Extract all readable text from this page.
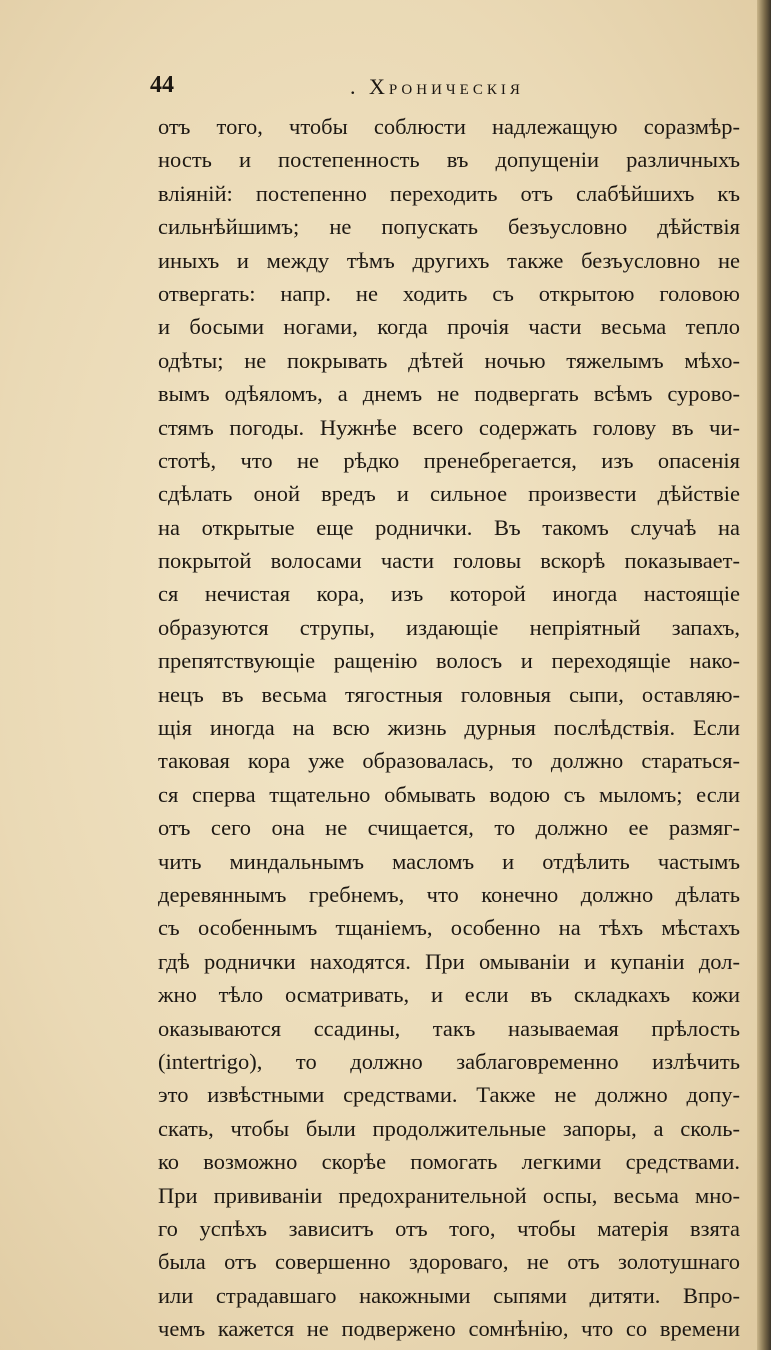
44	. Хроническія
отъ того, чтобы соблюсти надлежащую соразмѣр-
ность и постепенность въ допущеніи различныхъ
вліяній: постепенно переходить отъ слабѣйшихъ къ
сильнѣйшимъ; не попускать безъусловно дѣйствія
иныхъ и между тѣмъ другихъ также безъусловно не
отвергать: напр. не ходить съ открытою головою
и босыми ногами, когда прочія части весьма тепло
одѣты; не покрывать дѣтей ночью тяжелымъ мѣхо-
вымъ одѣяломъ, а днемъ не подвергать всѣмъ сурово-
стямъ погоды. Нужнѣе всего содержать голову въ чи-
стотѣ, что не рѣдко пренебрегается, изъ опасенія
сдѣлать оной вредъ и сильное произвести дѣйствіе
на открытые еще роднички. Въ такомъ случаѣ на
покрытой волосами части головы вскорѣ показывает-
ся нечистая кора, изъ которой иногда настоящіе
образуются струпы, издающіе непріятный запахъ,
препятствующіе ращенію волосъ и переходящіе нако-
нецъ въ весьма тягостныя головныя сыпи, оставляю-
щія иногда на всю жизнь дурныя послѣдствія. Если
таковая кора уже образовалась, то должно стараться-
ся сперва тщательно обмывать водою съ мыломъ; если
отъ сего она не счищается, то должно ее размяг-
чить миндальнымъ масломъ и отдѣлить частымъ
деревяннымъ гребнемъ, что конечно должно дѣлать
съ особеннымъ тщаніемъ, особенно на тѣхъ мѣстахъ
гдѣ роднички находятся. При омываніи и купаніи дол-
жно тѣло осматривать, и если въ складкахъ кожи
оказываются ссадины, такъ называемая прѣлость
(intertrigo), то должно заблаговременно излѣчить
это извѣстными средствами. Также не должно допу-
скать, чтобы были продолжительные запоры, а сколь-
ко возможно скорѣе помогать легкими средствами.
При прививаніи предохранительной оспы, весьма мно-
го успѣхъ зависитъ отъ того, чтобы матерія взята
была отъ совершенно здороваго, не отъ золотушнаго
или страдавшаго накожными сыпями дитяти. Впро-
чемъ кажется не подвержено сомнѣнію, что со времени
